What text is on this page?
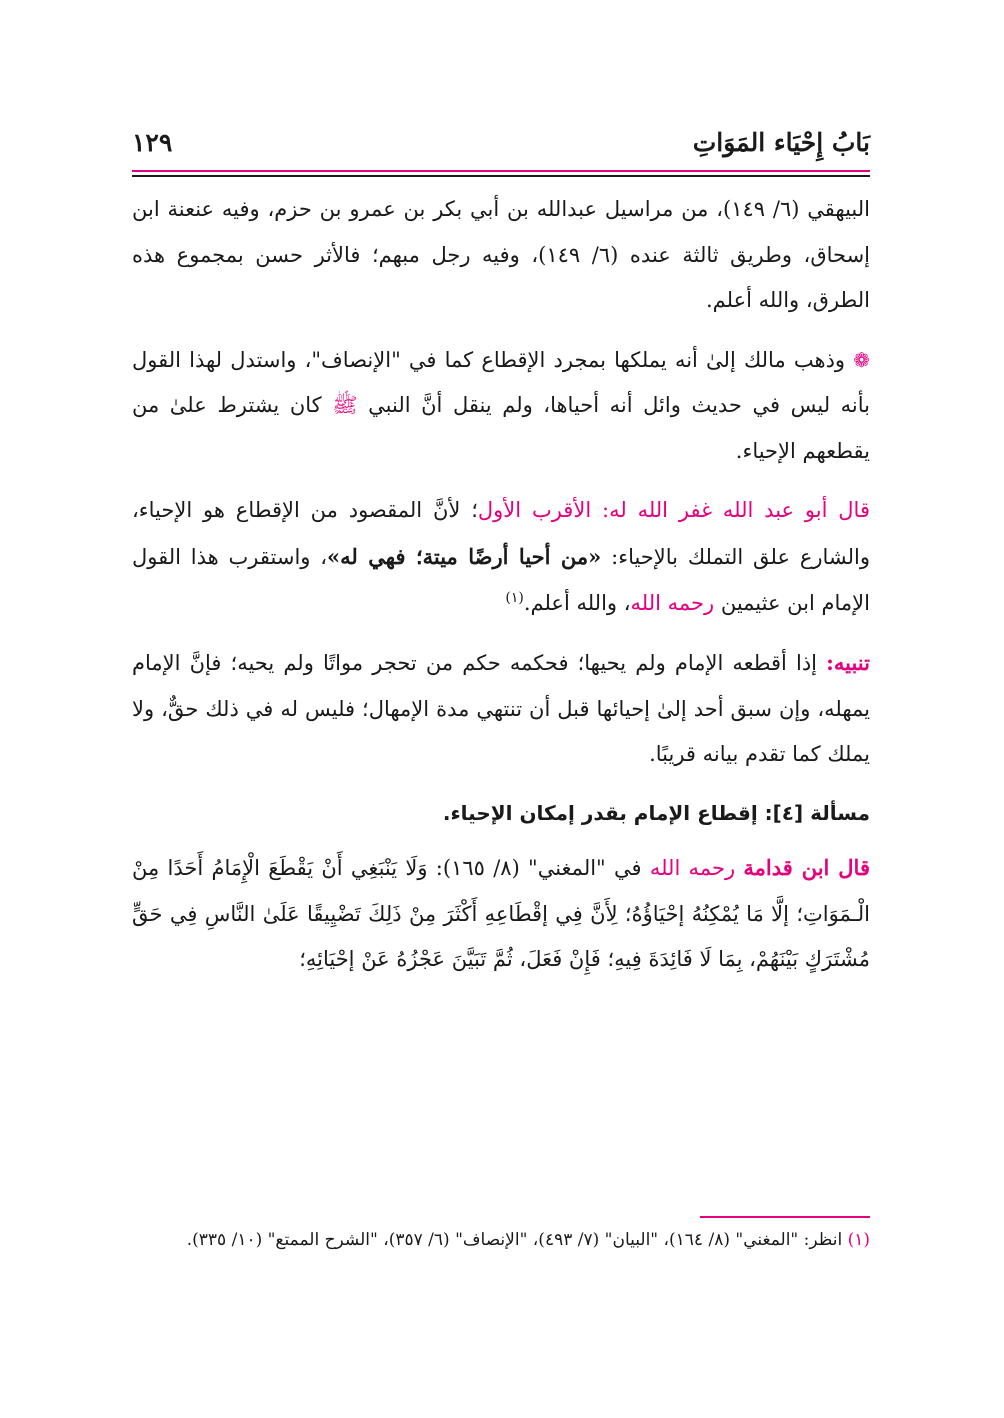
بَابُ إِحْيَاء المَوَاتِ
١٢٩

البيهقي (٦/ ١٤٩)، من مراسيل عبدالله بن أبي بكر بن عمرو بن حزم، وفيه عنعنة ابن إسحاق، وطريق ثالثة عنده (٦/ ١٤٩)، وفيه رجل مبهم؛ فالأثر حسن بمجموع هذه الطرق، والله أعلم.

❁ وذهب مالك إلىٰ أنه يملكها بمجرد الإقطاع كما في "الإنصاف"، واستدل لهذا القول بأنه ليس في حديث وائل أنه أحياها، ولم ينقل أنَّ النبي ﷺ كان يشترط علىٰ من يقطعهم الإحياء.

قال أبو عبد الله غفر الله له: الأقرب الأول؛ لأنَّ المقصود من الإقطاع هو الإحياء، والشارع علق التملك بالإحياء: «من أحيا أرضًا ميتة؛ فهي له»، واستقرب هذا القول الإمام ابن عثيمين رحمه الله، والله أعلم.$^{(١)}$

تنبيه: إذا أقطعه الإمام ولم يحيها؛ فحكمه حكم من تحجر مواتًا ولم يحيه؛ فإنَّ الإمام يمهله، وإن سبق أحد إلىٰ إحيائها قبل أن تنتهي مدة الإمهال؛ فليس له في ذلك حقٌّ، ولا يملك كما تقدم بيانه قريبًا.

مسألة [٤]: إقطاع الإمام بقدر إمكان الإحياء.

قال ابن قدامة رحمه الله في "المغني" (٨/ ١٦٥): وَلَا يَنْبَغِي أَنْ يَقْطَعَ الْإِمَامُ أَحَدًا مِنْ الْـمَوَاتِ؛ إلَّا مَا يُمْكِنُهُ إحْيَاؤُهُ؛ لِأَنَّ فِي إقْطَاعِهِ أَكْثَرَ مِنْ ذَلِكَ تَضْيِيقًا عَلَىٰ النَّاسِ فِي حَقٍّ مُشْتَرَكٍ بَيْنَهُمْ، بِمَا لَا فَائِدَةَ فِيهِ؛ فَإِنْ فَعَلَ، ثُمَّ تَبَيَّنَ عَجْزُهُ عَنْ إحْيَائِهِ؛

(١) انظر: "المغني" (٨/ ١٦٤)، "البيان" (٧/ ٤٩٣)، "الإنصاف" (٦/ ٣٥٧)، "الشرح الممتع" (١٠/ ٣٣٥).
